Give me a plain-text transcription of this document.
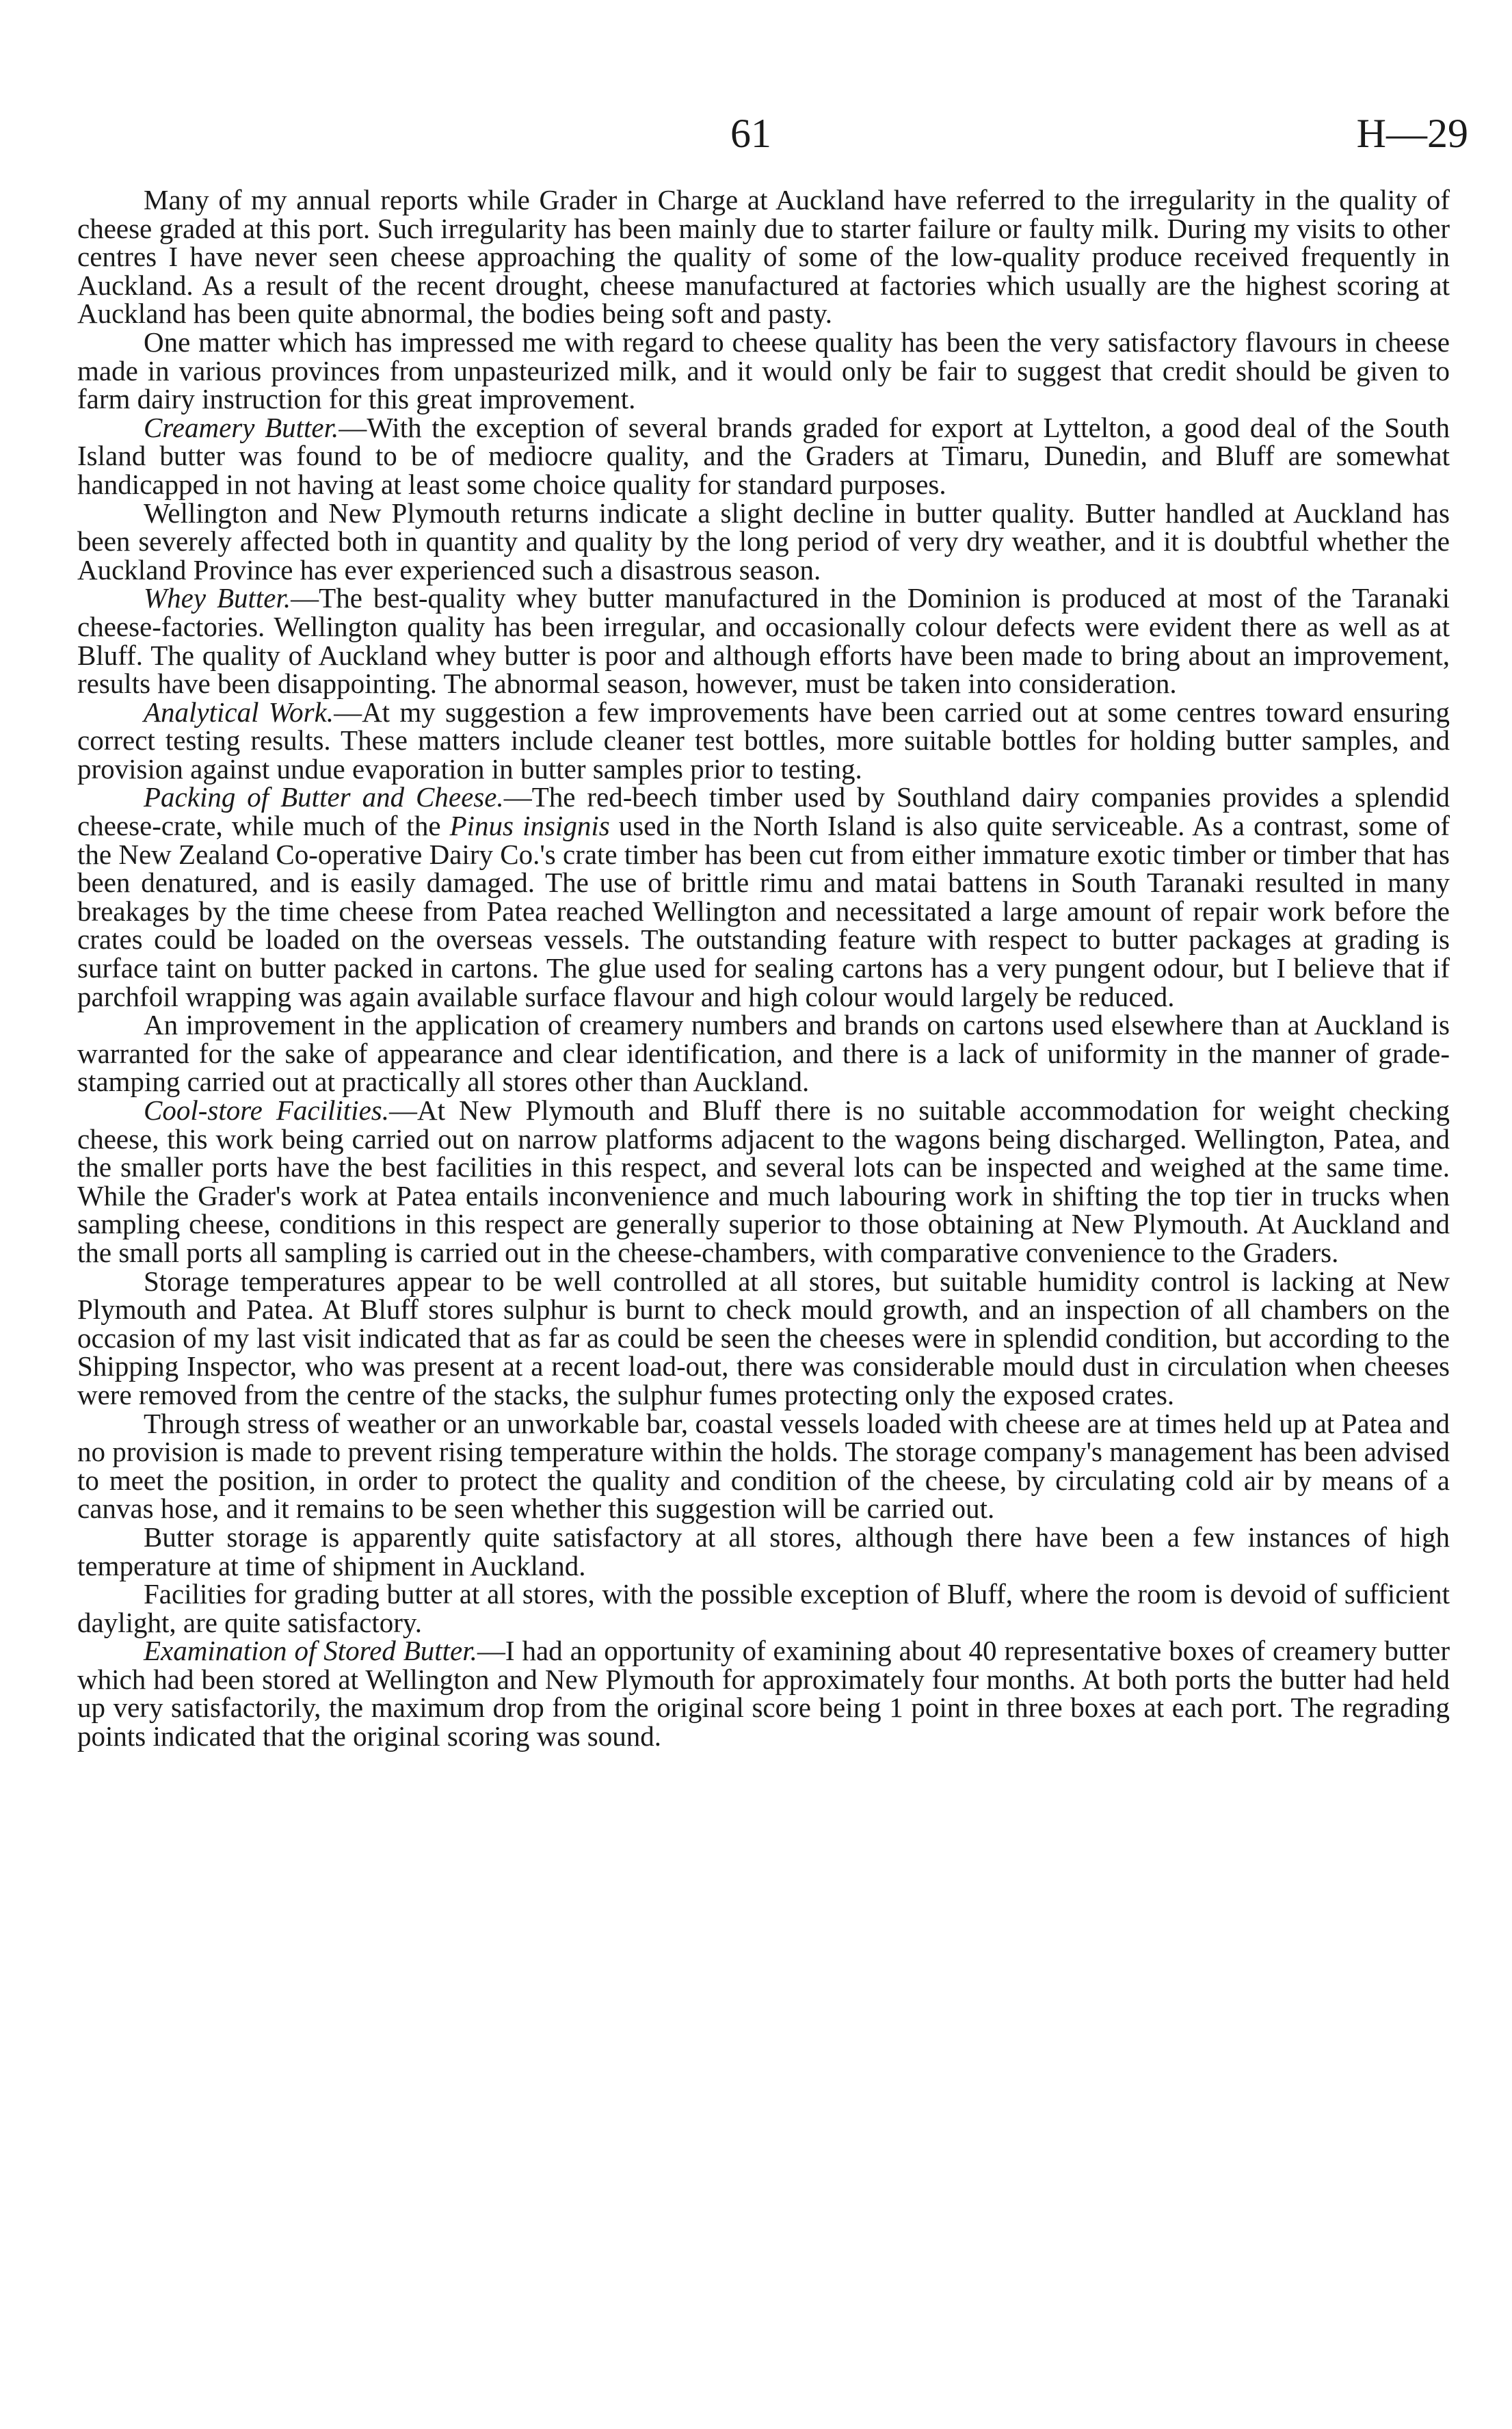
61	H—29

Many of my annual reports while Grader in Charge at Auckland have referred to the irregularity in the quality of cheese graded at this port. Such irregularity has been mainly due to starter failure or faulty milk. During my visits to other centres I have never seen cheese approaching the quality of some of the low-quality produce received frequently in Auckland. As a result of the recent drought, cheese manufactured at factories which usually are the highest scoring at Auckland has been quite abnormal, the bodies being soft and pasty.

One matter which has impressed me with regard to cheese quality has been the very satisfactory flavours in cheese made in various provinces from unpasteurized milk, and it would only be fair to suggest that credit should be given to farm dairy instruction for this great improvement.

Creamery Butter.—With the exception of several brands graded for export at Lyttelton, a good deal of the South Island butter was found to be of mediocre quality, and the Graders at Timaru, Dunedin, and Bluff are somewhat handicapped in not having at least some choice quality for standard purposes.

Wellington and New Plymouth returns indicate a slight decline in butter quality. Butter handled at Auckland has been severely affected both in quantity and quality by the long period of very dry weather, and it is doubtful whether the Auckland Province has ever experienced such a disastrous season.

Whey Butter.—The best-quality whey butter manufactured in the Dominion is produced at most of the Taranaki cheese-factories. Wellington quality has been irregular, and occasionally colour defects were evident there as well as at Bluff. The quality of Auckland whey butter is poor and although efforts have been made to bring about an improvement, results have been disappointing. The abnormal season, however, must be taken into consideration.

Analytical Work.—At my suggestion a few improvements have been carried out at some centres toward ensuring correct testing results. These matters include cleaner test bottles, more suitable bottles for holding butter samples, and provision against undue evaporation in butter samples prior to testing.

Packing of Butter and Cheese.—The red-beech timber used by Southland dairy companies provides a splendid cheese-crate, while much of the Pinus insignis used in the North Island is also quite serviceable. As a contrast, some of the New Zealand Co-operative Dairy Co.'s crate timber has been cut from either immature exotic timber or timber that has been denatured, and is easily damaged. The use of brittle rimu and matai battens in South Taranaki resulted in many breakages by the time cheese from Patea reached Wellington and necessitated a large amount of repair work before the crates could be loaded on the overseas vessels. The outstanding feature with respect to butter packages at grading is surface taint on butter packed in cartons. The glue used for sealing cartons has a very pungent odour, but I believe that if parchfoil wrapping was again available surface flavour and high colour would largely be reduced.

An improvement in the application of creamery numbers and brands on cartons used elsewhere than at Auckland is warranted for the sake of appearance and clear identification, and there is a lack of uniformity in the manner of grade-stamping carried out at practically all stores other than Auckland.

Cool-store Facilities.—At New Plymouth and Bluff there is no suitable accommodation for weight checking cheese, this work being carried out on narrow platforms adjacent to the wagons being discharged. Wellington, Patea, and the smaller ports have the best facilities in this respect, and several lots can be inspected and weighed at the same time. While the Grader's work at Patea entails inconvenience and much labouring work in shifting the top tier in trucks when sampling cheese, conditions in this respect are generally superior to those obtaining at New Plymouth. At Auckland and the small ports all sampling is carried out in the cheese-chambers, with comparative convenience to the Graders.

Storage temperatures appear to be well controlled at all stores, but suitable humidity control is lacking at New Plymouth and Patea. At Bluff stores sulphur is burnt to check mould growth, and an inspection of all chambers on the occasion of my last visit indicated that as far as could be seen the cheeses were in splendid condition, but according to the Shipping Inspector, who was present at a recent load-out, there was considerable mould dust in circulation when cheeses were removed from the centre of the stacks, the sulphur fumes protecting only the exposed crates.

Through stress of weather or an unworkable bar, coastal vessels loaded with cheese are at times held up at Patea and no provision is made to prevent rising temperature within the holds. The storage company's management has been advised to meet the position, in order to protect the quality and condition of the cheese, by circulating cold air by means of a canvas hose, and it remains to be seen whether this suggestion will be carried out.

Butter storage is apparently quite satisfactory at all stores, although there have been a few instances of high temperature at time of shipment in Auckland.

Facilities for grading butter at all stores, with the possible exception of Bluff, where the room is devoid of sufficient daylight, are quite satisfactory.

Examination of Stored Butter.—I had an opportunity of examining about 40 representative boxes of creamery butter which had been stored at Wellington and New Plymouth for approximately four months. At both ports the butter had held up very satisfactorily, the maximum drop from the original score being 1 point in three boxes at each port. The regrading points indicated that the original scoring was sound.
